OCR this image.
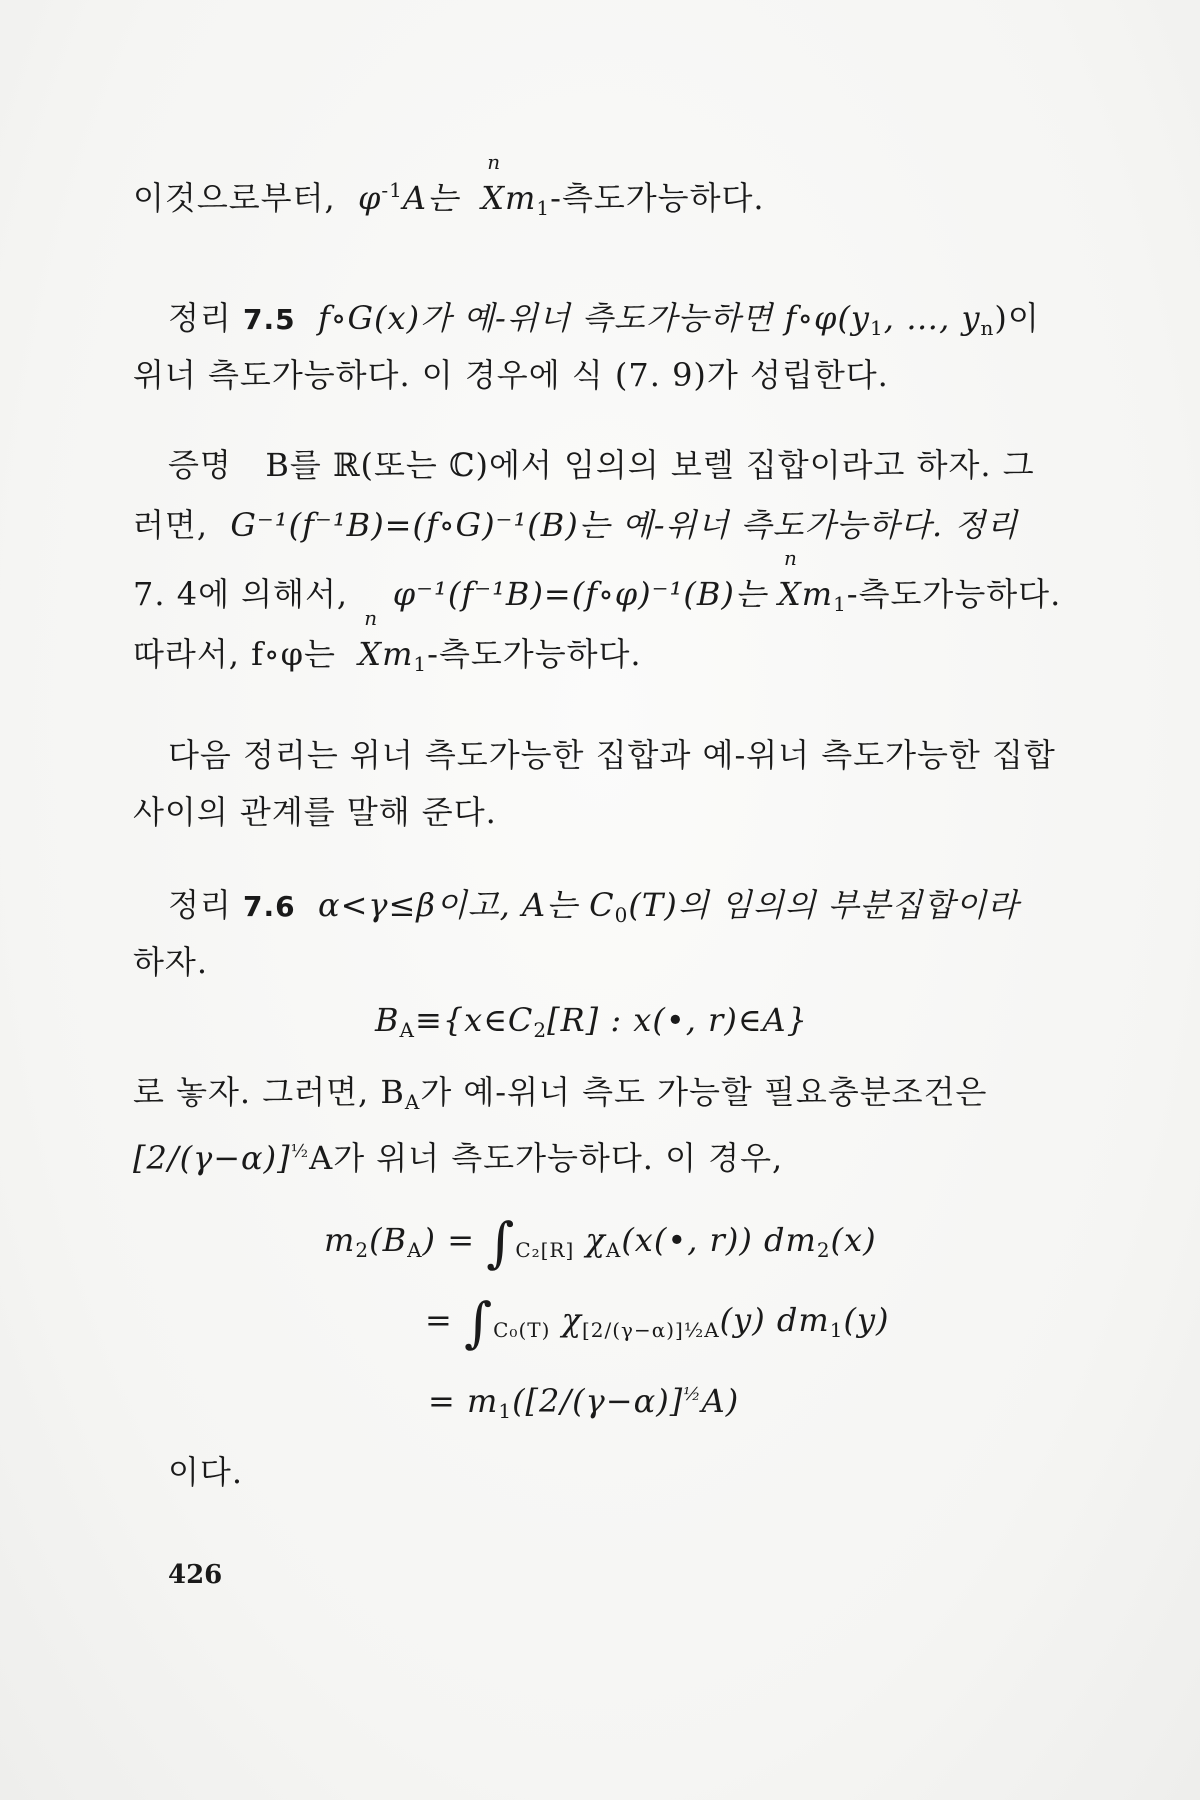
이것으로부터,  $\varphi^{-1}A$는
n
$Xm_1-$측도가능하다.
정리 7.5 f∘G(x)가 예-위너 측도가능하면 $f\circ\varphi(y_1$, …, $y_n$)이
위너 측도가능하다. 이 경우에 식 (7. 9)가 성립한다.
증명 B를 ℝ(또는 ℂ)에서 임의의 보렐 집합이라고 하자. 그
러면, G⁻¹(f⁻¹B)=(f∘G)⁻¹(B)는 예-위너 측도가능하다. 정리
7. 4에 의해서, φ⁻¹(f⁻¹B)=(f∘φ)⁻¹(B)는
n
$Xm_1-$측도가능하다.
따라서, f∘φ는
n
$Xm_1-$측도가능하다.
다음 정리는 위너 측도가능한 집합과 예-위너 측도가능한 집합
사이의 관계를 말해 준다.
정리 7.6 α<γ≤β이고, A는 $C_0(T)$의 임의의 부분집합이라
하자.
$B_A\equiv\{x\in C_2[R]$ : x(•, r)∈A}
로 놓자. 그러면, $B_A$가 예-위너 측도 가능할 필요충분조건은
$[2/(\gamma-\alpha)]^{\frac{1}{2}}A$가 위너 측도가능하다. 이 경우,
$m_2(B_A) = \int_{C_2[R]}$ $\chi_A(x(•$, r)) $dm_2(x)$
= $\int_{C_0(T)}$ $\chi_{[2/(\gamma-\alpha)]\frac{1}{2}A}(y)$ $dm_1(y)$
= $m_1([2/(\gamma-\alpha)]^{\frac{1}{2}}A)$
이다.
426
